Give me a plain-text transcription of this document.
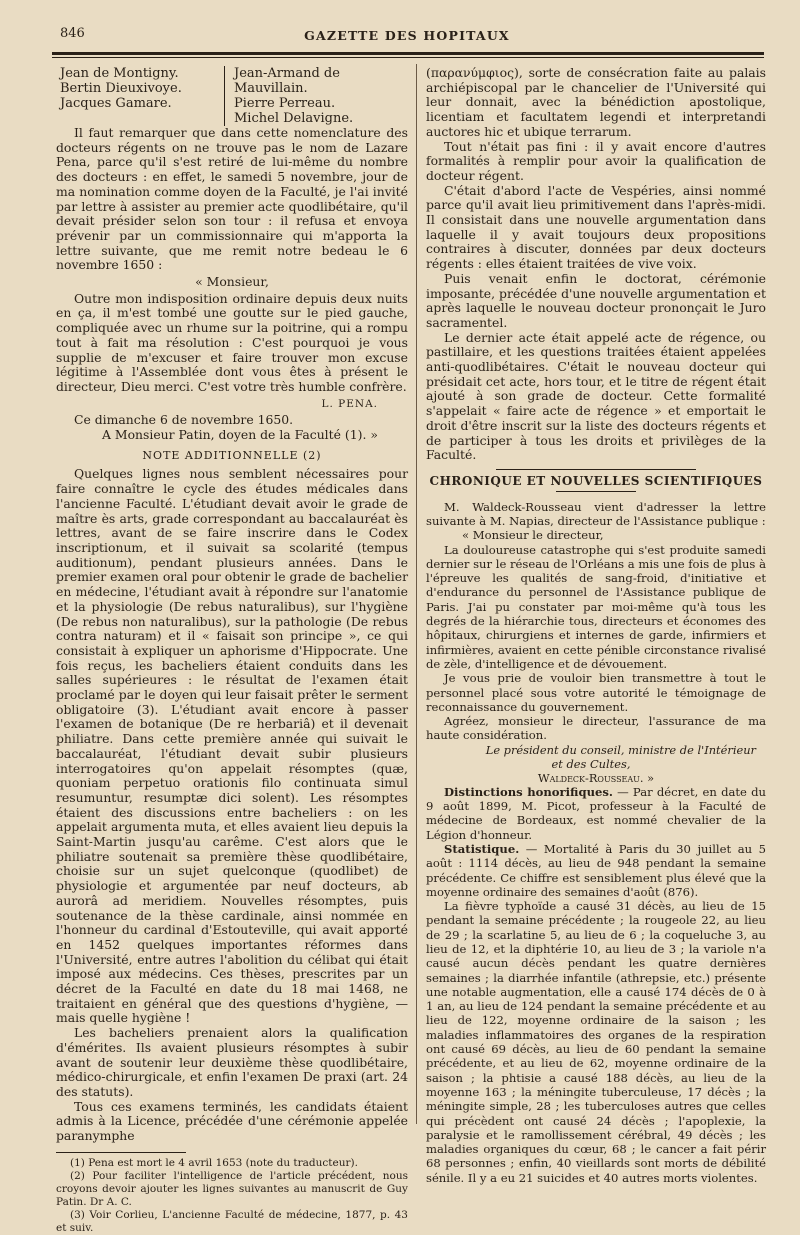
846	GAZETTE DES HOPITAUX
Jean de Montigny.
Bertin Dieuxivoye.
Jacques Gamare.
Jean-Armand de Mauvillain.
Pierre Perreau.
Michel Delavigne.

Il faut remarquer que dans cette nomenclature des docteurs régents on ne trouve pas le nom de Lazare Pena, parce qu'il s'est retiré de lui-même du nombre des docteurs : en effet, le samedi 5 novembre, jour de ma nomination comme doyen de la Faculté, je l'ai invité par lettre à assister au premier acte quodlibétaire, qu'il devait présider selon son tour : il refusa et envoya prévenir par un commissionnaire qui m'apporta la lettre suivante, que me remit notre bedeau le 6 novembre 1650 :

« Monsieur,

Outre mon indisposition ordinaire depuis deux nuits en ça, il m'est tombé une goutte sur le pied gauche, compliquée avec un rhume sur la poitrine, qui a rompu tout à fait ma résolution : C'est pourquoi je vous supplie de m'excuser et faire trouver mon excuse légitime à l'Assemblée dont vous êtes à présent le directeur, Dieu merci. C'est votre très humble confrère.

L. PENA.

Ce dimanche 6 de novembre 1650.

A Monsieur Patin, doyen de la Faculté (1). »

NOTE ADDITIONNELLE (2)

Quelques lignes nous semblent nécessaires pour faire connaître le cycle des études médicales dans l'ancienne Faculté. L'étudiant devait avoir le grade de maître ès arts, grade correspondant au baccalauréat ès lettres, avant de se faire inscrire dans le Codex inscriptionum, et il suivait sa scolarité (tempus auditionum), pendant plusieurs années. Dans le premier examen oral pour obtenir le grade de bachelier en médecine, l'étudiant avait à répondre sur l'anatomie et la physiologie (De rebus naturalibus), sur l'hygiène (De rebus non naturalibus), sur la pathologie (De rebus contra naturam) et il « faisait son principe », ce qui consistait à expliquer un aphorisme d'Hippocrate. Une fois reçus, les bacheliers étaient conduits dans les salles supérieures : le résultat de l'examen était proclamé par le doyen qui leur faisait prêter le serment obligatoire (3). L'étudiant avait encore à passer l'examen de botanique (De re herbariâ) et il devenait philiatre. Dans cette première année qui suivait le baccalauréat, l'étudiant devait subir plusieurs interrogatoires qu'on appelait résomptes (quæ, quoniam perpetuo orationis filo continuata simul resumuntur, resumptæ dici solent). Les résomptes étaient des discussions entre bacheliers : on les appelait argumenta muta, et elles avaient lieu depuis la Saint-Martin jusqu'au carême. C'est alors que le philiatre soutenait sa première thèse quodlibétaire, choisie sur un sujet quelconque (quodlibet) de physiologie et argumentée par neuf docteurs, ab aurorâ ad meridiem. Nouvelles résomptes, puis soutenance de la thèse cardinale, ainsi nommée en l'honneur du cardinal d'Estouteville, qui avait apporté en 1452 quelques importantes réformes dans l'Université, entre autres l'abolition du célibat qui était imposé aux médecins. Ces thèses, prescrites par un décret de la Faculté en date du 18 mai 1468, ne traitaient en général que des questions d'hygiène, — mais quelle hygiène !

Les bacheliers prenaient alors la qualification d'émérites. Ils avaient plusieurs résomptes à subir avant de soutenir leur deuxième thèse quodlibétaire, médico-chirurgicale, et enfin l'examen De praxi (art. 24 des statuts).

Tous ces examens terminés, les candidats étaient admis à la Licence, précédée d'une cérémonie appelée paranymphe

(1) Pena est mort le 4 avril 1653 (note du traducteur).

(2) Pour faciliter l'intelligence de l'article précédent, nous croyons devoir ajouter les lignes suivantes au manuscrit de Guy Patin. Dr A. C.

(3) Voir Corlieu, L'ancienne Faculté de médecine, 1877, p. 43 et suiv.

(παρανύμφιος), sorte de consécration faite au palais archiépiscopal par le chancelier de l'Université qui leur donnait, avec la bénédiction apostolique, licentiam et facultatem legendi et interpretandi auctores hic et ubique terrarum.

Tout n'était pas fini : il y avait encore d'autres formalités à remplir pour avoir la qualification de docteur régent.

C'était d'abord l'acte de Vespéries, ainsi nommé parce qu'il avait lieu primitivement dans l'après-midi. Il consistait dans une nouvelle argumentation dans laquelle il y avait toujours deux propositions contraires à discuter, données par deux docteurs régents : elles étaient traitées de vive voix.

Puis venait enfin le doctorat, cérémonie imposante, précédée d'une nouvelle argumentation et après laquelle le nouveau docteur prononçait le Juro sacramentel.

Le dernier acte était appelé acte de régence, ou pastillaire, et les questions traitées étaient appelées anti-quodlibétaires. C'était le nouveau docteur qui présidait cet acte, hors tour, et le titre de régent était ajouté à son grade de docteur. Cette formalité s'appelait « faire acte de régence » et emportait le droit d'être inscrit sur la liste des docteurs régents et de participer à tous les droits et privilèges de la Faculté.

CHRONIQUE ET NOUVELLES SCIENTIFIQUES

M. Waldeck-Rousseau vient d'adresser la lettre suivante à M. Napias, directeur de l'Assistance publique :

« Monsieur le directeur,

La douloureuse catastrophe qui s'est produite samedi dernier sur le réseau de l'Orléans a mis une fois de plus à l'épreuve les qualités de sang-froid, d'initiative et d'endurance du personnel de l'Assistance publique de Paris. J'ai pu constater par moi-même qu'à tous les degrés de la hiérarchie tous, directeurs et économes des hôpitaux, chirurgiens et internes de garde, infirmiers et infirmières, avaient en cette pénible circonstance rivalisé de zèle, d'intelligence et de dévouement.

Je vous prie de vouloir bien transmettre à tout le personnel placé sous votre autorité le témoignage de reconnaissance du gouvernement.

Agréez, monsieur le directeur, l'assurance de ma haute considération.

Le président du conseil, ministre de l'Intérieur
et des Cultes,
Waldeck-Rousseau. »

Distinctions honorifiques. — Par décret, en date du 9 août 1899, M. Picot, professeur à la Faculté de médecine de Bordeaux, est nommé chevalier de la Légion d'honneur.

Statistique. — Mortalité à Paris du 30 juillet au 5 août : 1114 décès, au lieu de 948 pendant la semaine précédente. Ce chiffre est sensiblement plus élevé que la moyenne ordinaire des semaines d'août (876).

La fièvre typhoïde a causé 31 décès, au lieu de 15 pendant la semaine précédente ; la rougeole 22, au lieu de 29 ; la scarlatine 5, au lieu de 6 ; la coqueluche 3, au lieu de 12, et la diphtérie 10, au lieu de 3 ; la variole n'a causé aucun décès pendant les quatre dernières semaines ; la diarrhée infantile (athrepsie, etc.) présente une notable augmentation, elle a causé 174 décès de 0 à 1 an, au lieu de 124 pendant la semaine précédente et au lieu de 122, moyenne ordinaire de la saison ; les maladies inflammatoires des organes de la respiration ont causé 69 décès, au lieu de 60 pendant la semaine précédente, et au lieu de 62, moyenne ordinaire de la saison ; la phtisie a causé 188 décès, au lieu de la moyenne 163 ; la méningite tuberculeuse, 17 décès ; la méningite simple, 28 ; les tuberculoses autres que celles qui précèdent ont causé 24 décès ; l'apoplexie, la paralysie et le ramollissement cérébral, 49 décès ; les maladies organiques du cœur, 68 ; le cancer a fait périr 68 personnes ; enfin, 40 vieillards sont morts de débilité sénile. Il y a eu 21 suicides et 40 autres morts violentes.
